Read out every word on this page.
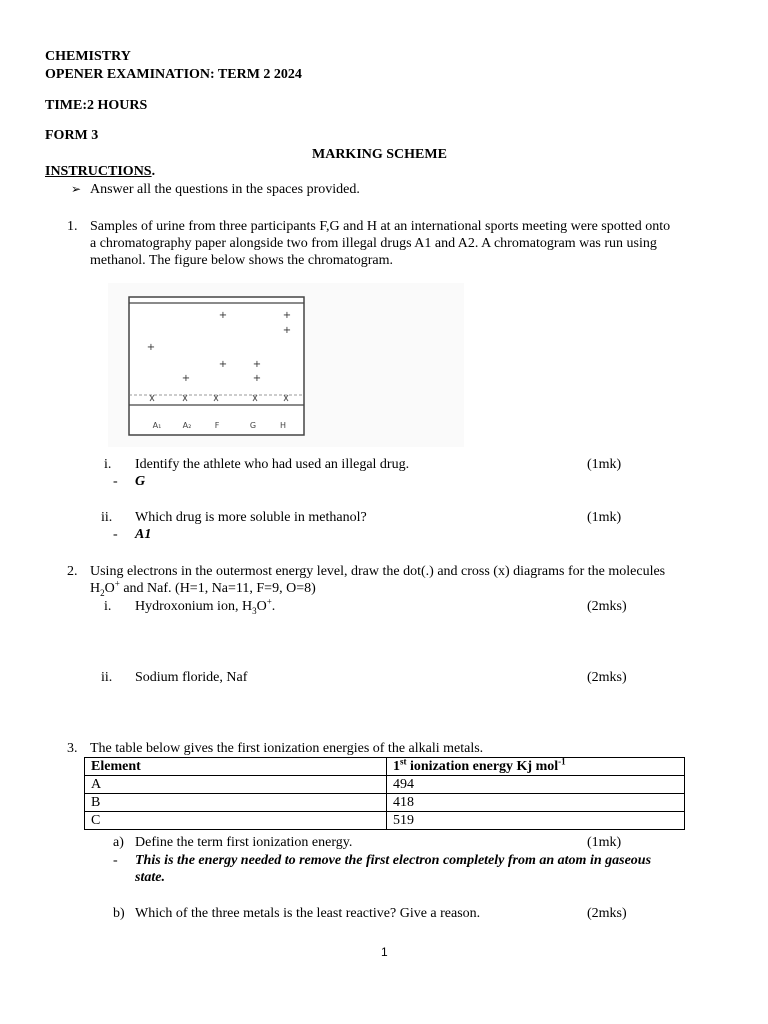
CHEMISTRY
OPENER EXAMINATION: TERM 2 2024
TIME:2 HOURS
FORM 3
MARKING SCHEME
INSTRUCTIONS.
➢ Answer all the questions in the spaces provided.
1. Samples of urine from three participants F,G and H at an international sports meeting were spotted onto
a chromatography paper alongside two from illegal drugs A1 and A2. A chromatogram was run using
methanol. The figure below shows the chromatogram.
+
+
+
+	+
+
+
+
A₁	A₂	F	G	H
i. Identify the athlete who had used an illegal drug.	(1mk)
- G
ii. Which drug is more soluble in methanol?	(1mk)
- A1
2. Using electrons in the outermost energy level, draw the dot(.) and cross (x) diagrams for the molecules
$H_2O^+$ and Naf. (H=1, Na=11, F=9, O=8)
i. Hydroxonium ion, $H_3O^+$.	(2mks)
ii. Sodium floride, Naf	(2mks)
3. The table below gives the first ionization energies of the alkali metals.
Element	1st ionization energy Kj mol$^{-1}$
A	494
B	418
C	519
a) Define the term first ionization energy.	(1mk)
- This is the energy needed to remove the first electron completely from an atom in gaseous
state.
b) Which of the three metals is the least reactive? Give a reason.	(2mks)
1
